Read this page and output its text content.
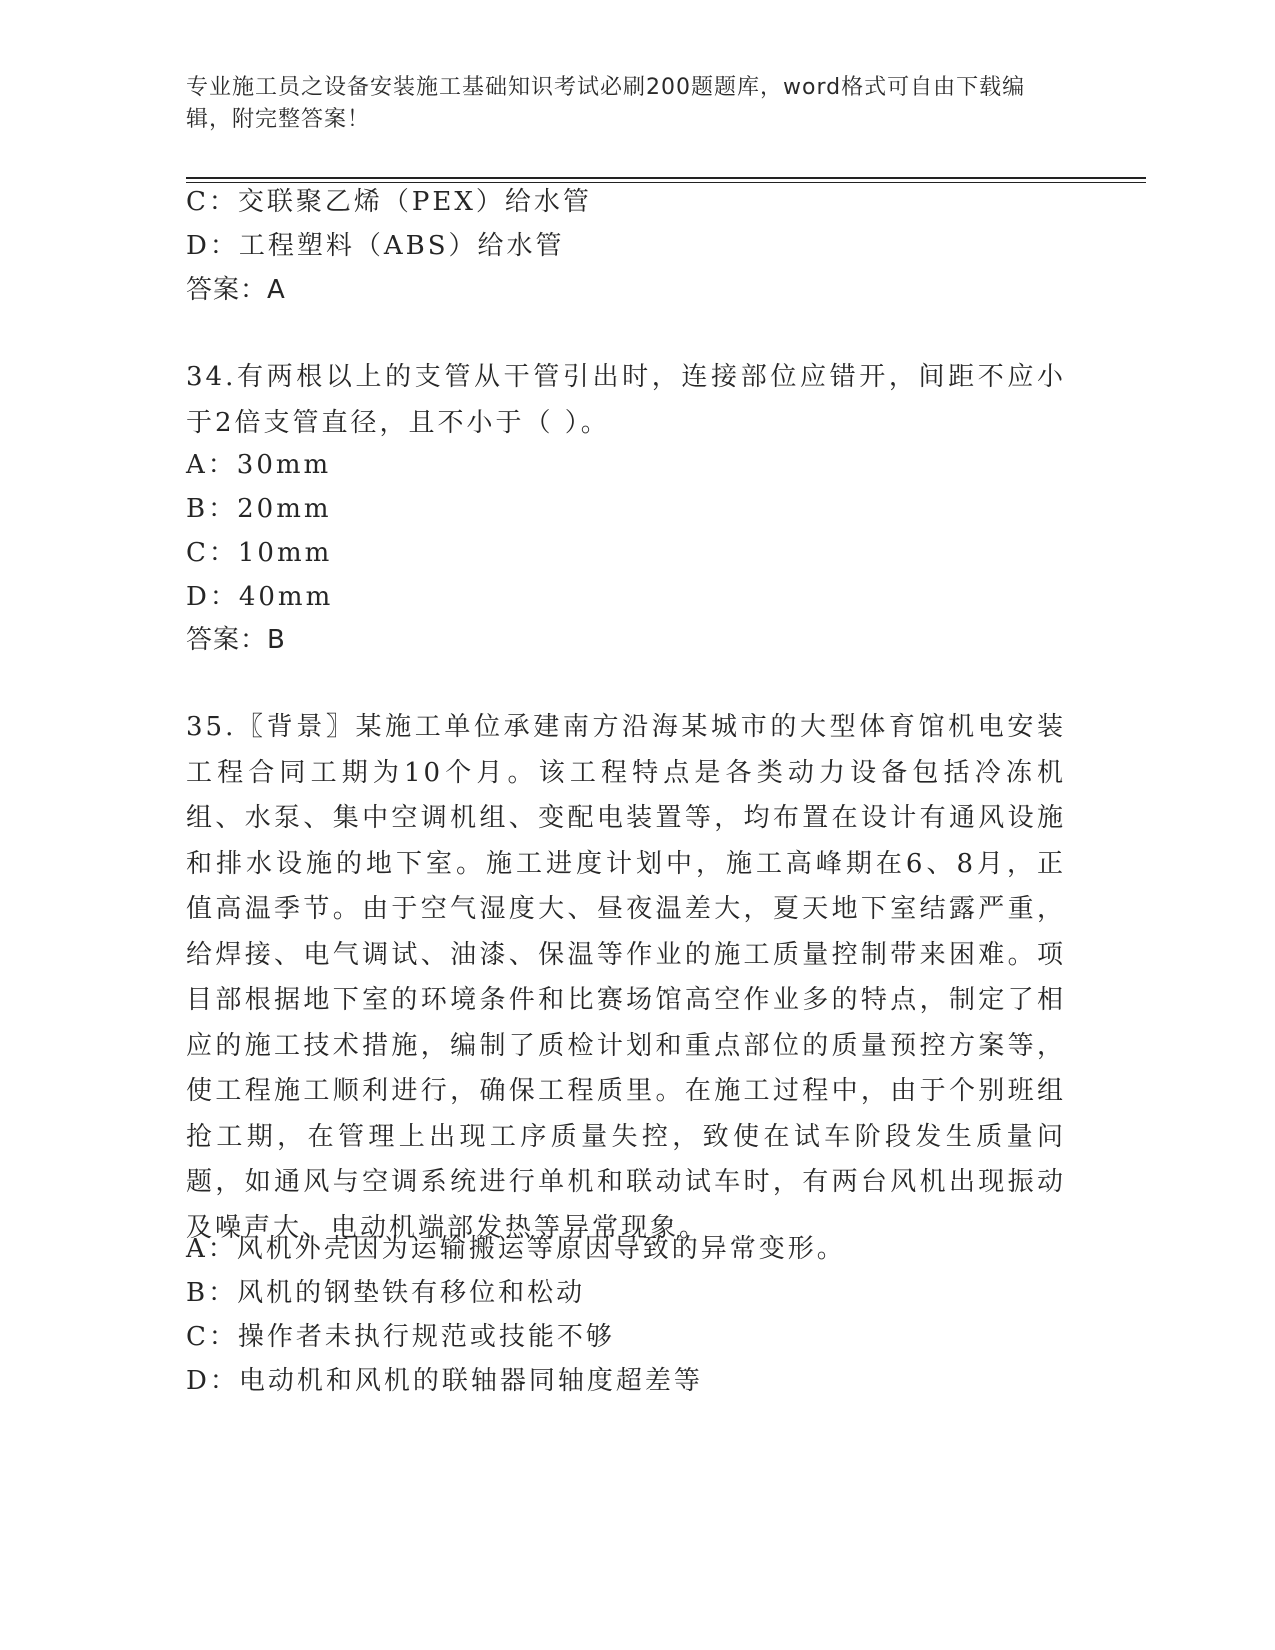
专业施工员之设备安装施工基础知识考试必刷200题题库，word格式可自由下载编辑，附完整答案！
C：交联聚乙烯（PEX）给水管
D：工程塑料（ABS）给水管
答案：A
34.有两根以上的支管从干管引出时，连接部位应错开，间距不应小于2倍支管直径，且不小于（ ）。
A：30mm
B：20mm
C：10mm
D：40mm
答案：B
35.〖背景〗某施工单位承建南方沿海某城市的大型体育馆机电安装工程合同工期为10个月。该工程特点是各类动力设备包括冷冻机组、水泵、集中空调机组、变配电装置等，均布置在设计有通风设施和排水设施的地下室。施工进度计划中，施工高峰期在6、8月，正值高温季节。由于空气湿度大、昼夜温差大，夏天地下室结露严重，给焊接、电气调试、油漆、保温等作业的施工质量控制带来困难。项目部根据地下室的环境条件和比赛场馆高空作业多的特点，制定了相应的施工技术措施，编制了质检计划和重点部位的质量预控方案等，使工程施工顺利进行，确保工程质里。在施工过程中，由于个别班组抢工期，在管理上出现工序质量失控，致使在试车阶段发生质量问题，如通风与空调系统进行单机和联动试车时，有两台风机出现振动及噪声大、电动机端部发热等异常现象。
A：风机外壳因为运输搬运等原因导致的异常变形。
B：风机的钢垫铁有移位和松动
C：操作者未执行规范或技能不够
D：电动机和风机的联轴器同轴度超差等
